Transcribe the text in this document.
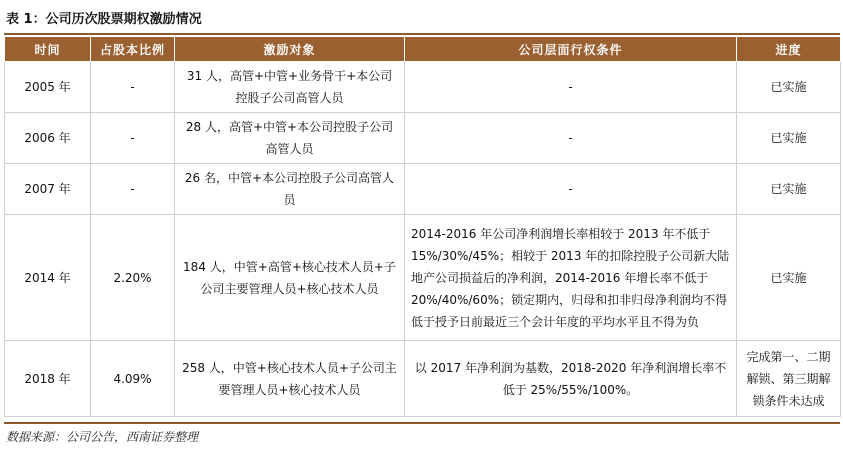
表 1：公司历次股票期权激励情况
时间	占股本比例	激励对象	公司层面行权条件	进度
2005 年	-	31 人，高管+中管+业务骨干+本公司控股子公司高管人员	-	已实施
2006 年	-	28 人，高管+中管+本公司控股子公司高管人员	-	已实施
2007 年	-	26 名，中管+本公司控股子公司高管人员	-	已实施
2014 年	2.20%	184 人，中管+高管+核心技术人员+子公司主要管理人员+核心技术人员	2014-2016 年公司净利润增长率相较于 2013 年不低于 15%/30%/45%；相较于 2013 年的扣除控股子公司新大陆地产公司损益后的净利润，2014-2016 年增长率不低于 20%/40%/60%；锁定期内，归母和扣非归母净利润均不得低于授予日前最近三个会计年度的平均水平且不得为负	已实施
2018 年	4.09%	258 人，中管+核心技术人员+子公司主要管理人员+核心技术人员	以 2017 年净利润为基数，2018-2020 年净利润增长率不低于 25%/55%/100%。	完成第一、二期解锁、第三期解锁条件未达成
数据来源：公司公告，西南证券整理
